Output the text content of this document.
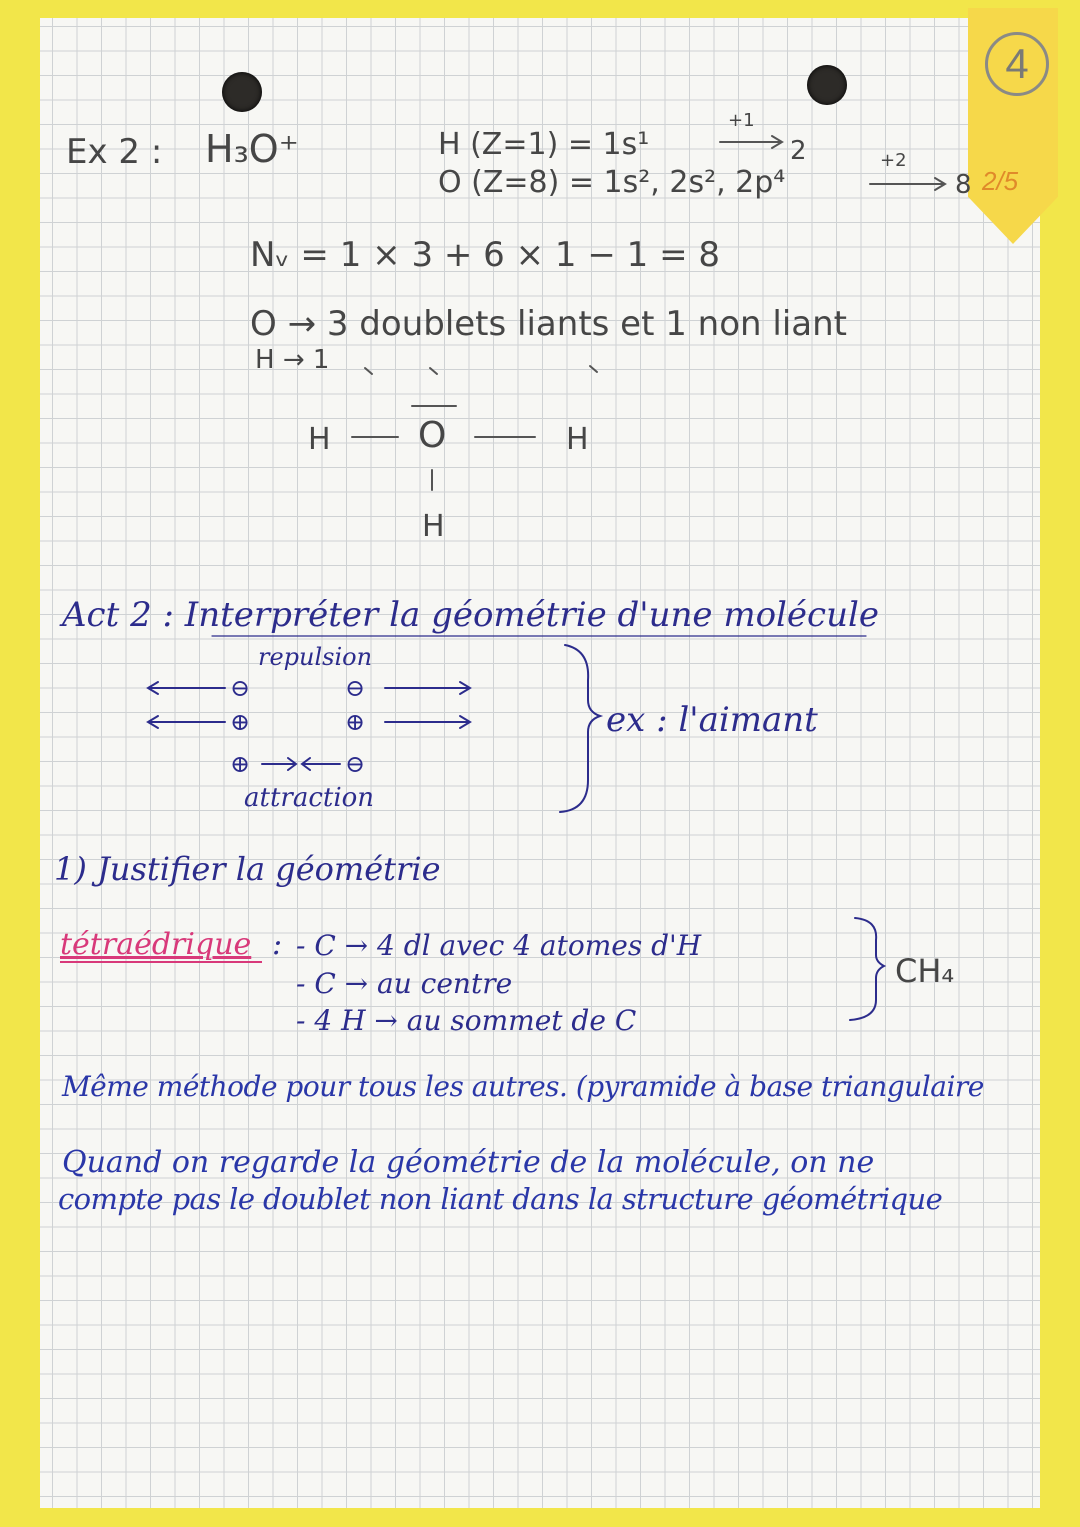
4
2/5
Ex 2 : H₃O⁺	H (Z=1) = 1s¹
+1
2
O (Z=8) = 1s², 2s², 2p⁴
+2
8
Nᵥ = 1 × 3 + 6 × 1 − 1 = 8
O → 3 doublets liants et 1 non liant
H → 1
H O	H
H
Act 2 : Interpréter la géométrie d'une molécule
repulsion
⊖	⊖
⊕	⊕
⊕	⊖
attraction
ex : l'aimant
1) Justifier la géométrie
tétraédrique : - C → 4 dl avec 4 atomes d'H
- C → au centre
- 4 H → au sommet de C
CH₄
Même méthode pour tous les autres. (pyramide à base triangulaire
Quand on regarde la géométrie de la molécule, on ne
compte pas le doublet non liant dans la structure géométrique
